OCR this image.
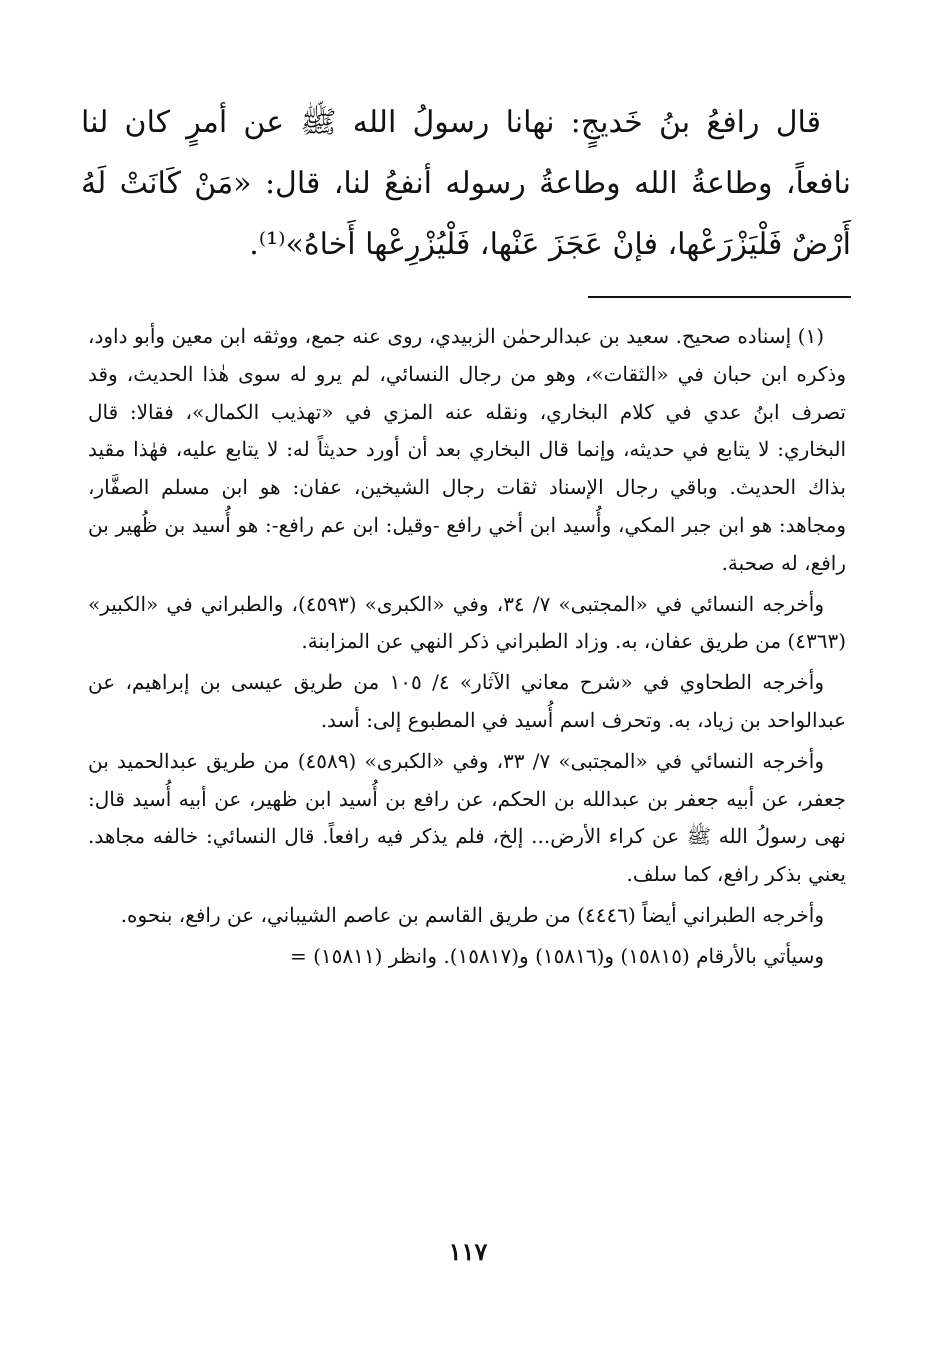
قال رافعُ بنُ خَديجٍ: نهانا رسولُ الله ﷺ عن أمرٍ كان لنا نافعاً، وطاعةُ الله وطاعةُ رسوله أنفعُ لنا، قال: «مَنْ كَانَتْ لَهُ أَرْضٌ فَلْيَزْرَعْها، فإنْ عَجَزَ عَنْها، فَلْيُزْرِعْها أَخاهُ»⁽¹⁾.

(١) إسناده صحيح. سعيد بن عبدالرحمٰن الزبيدي، روى عنه جمع، ووثقه ابن معين وأبو داود، وذكره ابن حبان في «الثقات»، وهو من رجال النسائي، لم يرو له سوى هٰذا الحديث، وقد تصرف ابنُ عدي في كلام البخاري، ونقله عنه المزي في «تهذيب الكمال»، فقالا: قال البخاري: لا يتابع في حديثه، وإنما قال البخاري بعد أن أورد حديثاً له: لا يتابع عليه، فهٰذا مقيد بذاك الحديث. وباقي رجال الإسناد ثقات رجال الشيخين، عفان: هو ابن مسلم الصفَّار، ومجاهد: هو ابن جبر المكي، وأُسيد ابن أخي رافع -وقيل: ابن عم رافع-: هو أُسيد بن ظُهير بن رافع، له صحبة.

وأخرجه النسائي في «المجتبى» ٧/ ٣٤، وفي «الكبرى» (٤٥٩٣)، والطبراني في «الكبير» (٤٣٦٣) من طريق عفان، به. وزاد الطبراني ذكر النهي عن المزابنة.

وأخرجه الطحاوي في «شرح معاني الآثار» ٤/ ١٠٥ من طريق عيسى بن إبراهيم، عن عبدالواحد بن زياد، به. وتحرف اسم أُسيد في المطبوع إلى: أسد.

وأخرجه النسائي في «المجتبى» ٧/ ٣٣، وفي «الكبرى» (٤٥٨٩) من طريق عبدالحميد بن جعفر، عن أبيه جعفر بن عبدالله بن الحكم، عن رافع بن أُسيد ابن ظهير، عن أبيه أُسيد قال: نهى رسولُ الله ﷺ عن كراء الأرض... إلخ، فلم يذكر فيه رافعاً. قال النسائي: خالفه مجاهد. يعني بذكر رافع، كما سلف.

وأخرجه الطبراني أيضاً (٤٤٤٦) من طريق القاسم بن عاصم الشيباني، عن رافع، بنحوه.

وسيأتي بالأرقام (١٥٨١٥) و(١٥٨١٦) و(١٥٨١٧). وانظر (١٥٨١١) =

١١٧
